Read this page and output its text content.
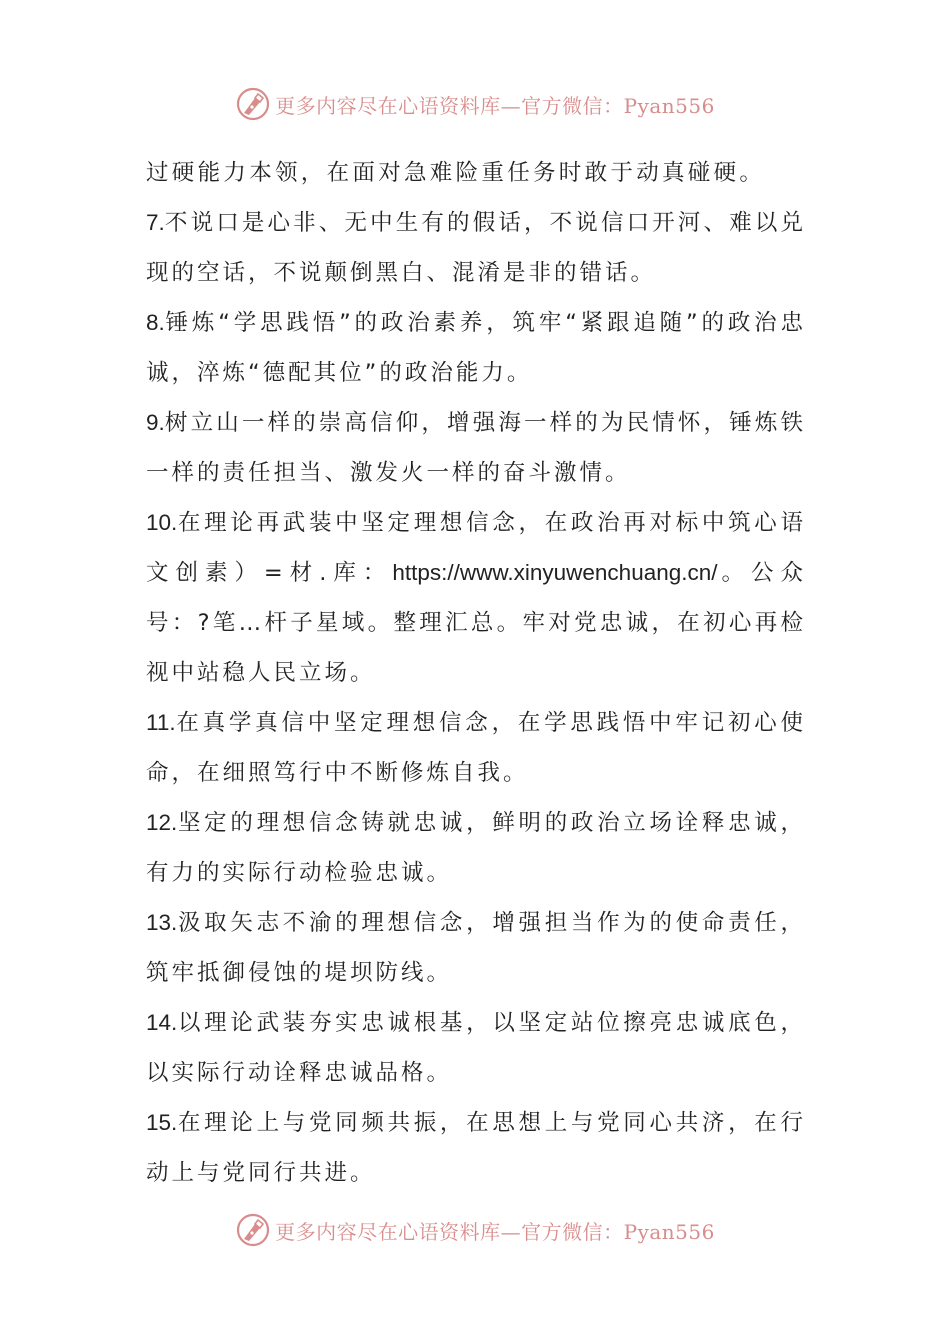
更多内容尽在心语资料库—官方微信：Pyan556

过硬能力本领，在面对急难险重任务时敢于动真碰硬。

7.不说口是心非、无中生有的假话，不说信口开河、难以兑现的空话，不说颠倒黑白、混淆是非的错话。

8.锤炼“学思践悟”的政治素养，筑牢“紧跟追随”的政治忠诚，淬炼“德配其位”的政治能力。

9.树立山一样的崇高信仰，增强海一样的为民情怀，锤炼铁一样的责任担当、激发火一样的奋斗激情。

10.在理论再武装中坚定理想信念，在政治再对标中筑心语文创素）=材.库：https://www.xinyuwenchuang.cn/。公众号：?笔…杆子星域。整理汇总。牢对党忠诚，在初心再检视中站稳人民立场。

11.在真学真信中坚定理想信念，在学思践悟中牢记初心使命，在细照笃行中不断修炼自我。

12.坚定的理想信念铸就忠诚，鲜明的政治立场诠释忠诚，有力的实际行动检验忠诚。

13.汲取矢志不渝的理想信念，增强担当作为的使命责任，筑牢抵御侵蚀的堤坝防线。

14.以理论武装夯实忠诚根基，以坚定站位擦亮忠诚底色，以实际行动诠释忠诚品格。

15.在理论上与党同频共振，在思想上与党同心共济，在行动上与党同行共进。

更多内容尽在心语资料库—官方微信：Pyan556
